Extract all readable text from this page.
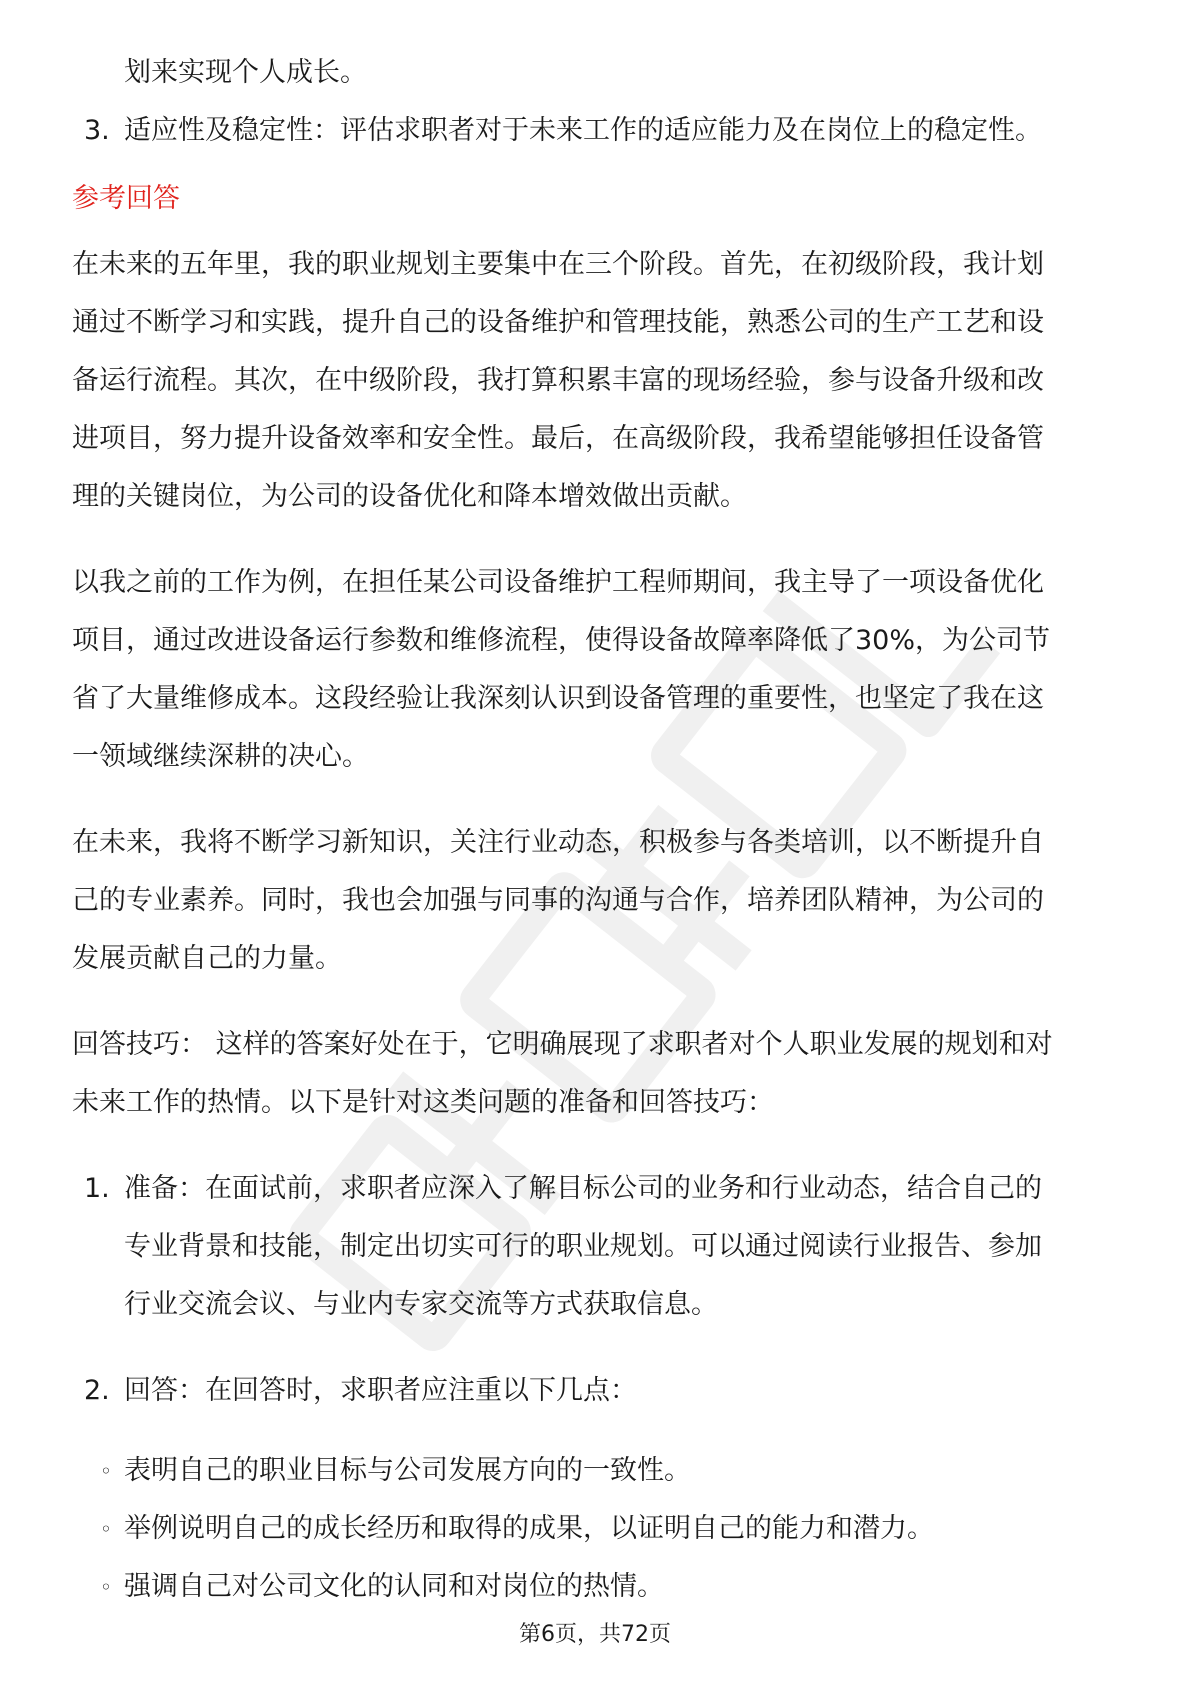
划来实现个人成长。

3. 适应性及稳定性：评估求职者对于未来工作的适应能力及在岗位上的稳定性。

参考回答

在未来的五年里，我的职业规划主要集中在三个阶段。首先，在初级阶段，我计划

通过不断学习和实践，提升自己的设备维护和管理技能，熟悉公司的生产工艺和设

备运行流程。其次，在中级阶段，我打算积累丰富的现场经验，参与设备升级和改

进项目，努力提升设备效率和安全性。最后，在高级阶段，我希望能够担任设备管

理的关键岗位，为公司的设备优化和降本增效做出贡献。

以我之前的工作为例，在担任某公司设备维护工程师期间，我主导了一项设备优化

项目，通过改进设备运行参数和维修流程，使得设备故障率降低了30%，为公司节

省了大量维修成本。这段经验让我深刻认识到设备管理的重要性，也坚定了我在这

一领域继续深耕的决心。

在未来，我将不断学习新知识，关注行业动态，积极参与各类培训，以不断提升自

己的专业素养。同时，我也会加强与同事的沟通与合作，培养团队精神，为公司的

发展贡献自己的力量。

回答技巧： 这样的答案好处在于，它明确展现了求职者对个人职业发展的规划和对

未来工作的热情。以下是针对这类问题的准备和回答技巧：

1. 准备：在面试前，求职者应深入了解目标公司的业务和行业动态，结合自己的

专业背景和技能，制定出切实可行的职业规划。可以通过阅读行业报告、参加

行业交流会议、与业内专家交流等方式获取信息。

2. 回答：在回答时，求职者应注重以下几点：

◦ 表明自己的职业目标与公司发展方向的一致性。
◦ 举例说明自己的成长经历和取得的成果，以证明自己的能力和潜力。
◦ 强调自己对公司文化的认同和对岗位的热情。
第6页，共72页
